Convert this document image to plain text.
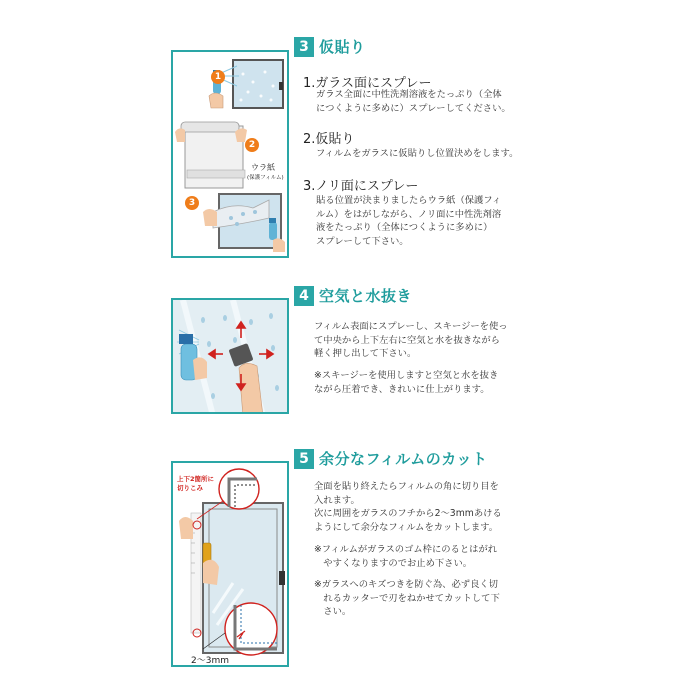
3 仮貼り
1
2
3
ウラ紙
(保護フィルム)
1.ガラス面にスプレー
ガラス全面に中性洗剤溶液をたっぷり（全体
につくように多めに）スプレーしてください。
2.仮貼り
フィルムをガラスに仮貼りし位置決めをします。
3.ノリ面にスプレー
貼る位置が決まりましたらウラ紙（保護フィ
ルム）をはがしながら、ノリ面に中性洗剤溶
液をたっぷり（全体につくように多めに）
スプレーして下さい。
4 空気と水抜き
フィルム表面にスプレーし、スキージーを使っ
て中央から上下左右に空気と水を抜きながら
軽く押し出して下さい。
※スキージーを使用しますと空気と水を抜き
ながら圧着でき、きれいに仕上がります。
5 余分なフィルムのカット
上下2箇所に
切りこみ
2～3mm
全面を貼り終えたらフィルムの角に切り目を
入れます。
次に周囲をガラスのフチから2～3mmあける
ようにして余分なフィルムをカットします。
※フィルムがガラスのゴム枠にのるとはがれ
　やすくなりますのでお止め下さい。
※ガラスへのキズつきを防ぐ為、必ず良く切
　れるカッターで刃をねかせてカットして下
　さい。
